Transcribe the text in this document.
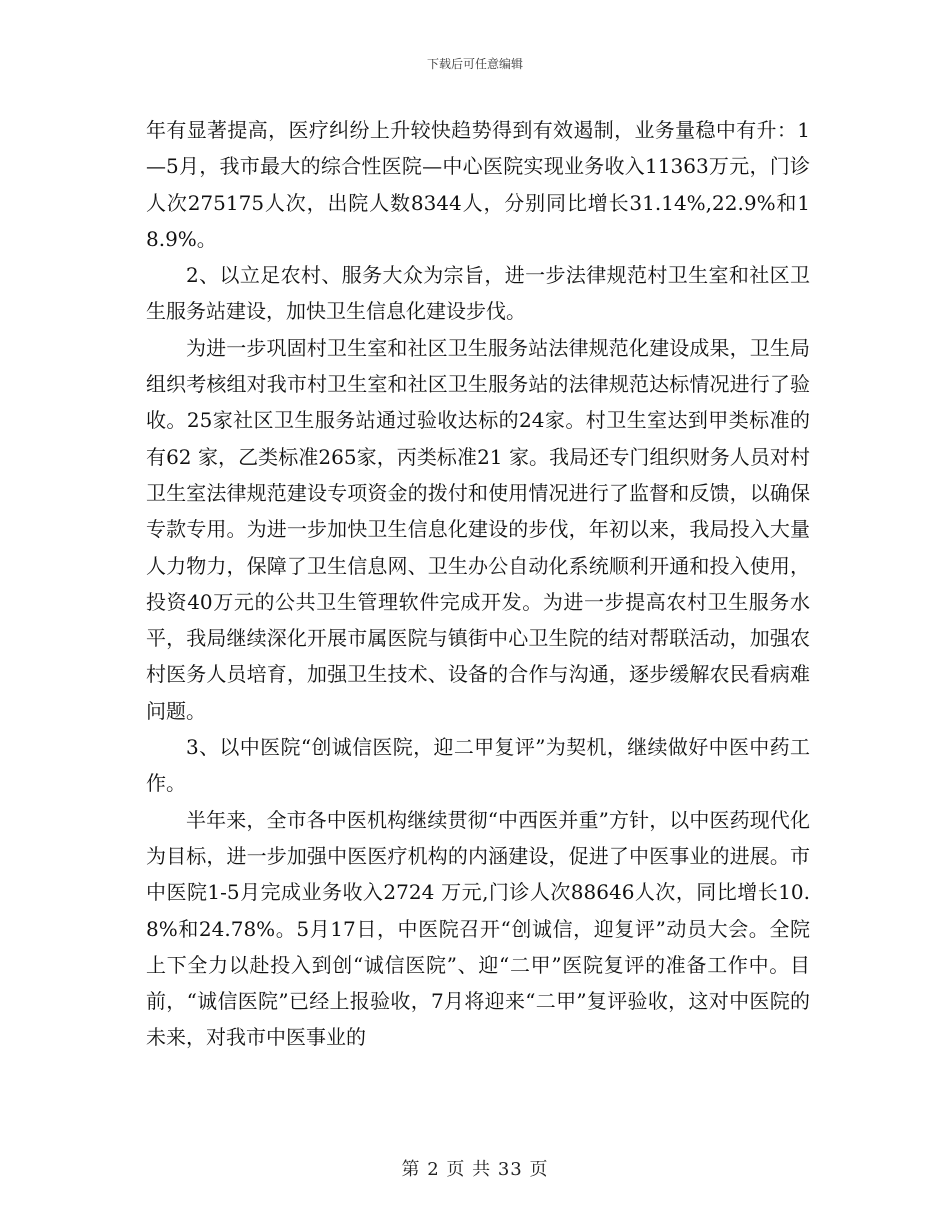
下载后可任意编辑

年有显著提高，医疗纠纷上升较快趋势得到有效遏制，业务量稳中有升：1—5月，我市最大的综合性医院—中心医院实现业务收入11363万元，门诊人次275175人次，出院人数8344人，分别同比增长31.14%,22.9%和18.9%。

2、以立足农村、服务大众为宗旨，进一步法律规范村卫生室和社区卫生服务站建设，加快卫生信息化建设步伐。

为进一步巩固村卫生室和社区卫生服务站法律规范化建设成果，卫生局组织考核组对我市村卫生室和社区卫生服务站的法律规范达标情况进行了验收。25家社区卫生服务站通过验收达标的24家。村卫生室达到甲类标准的有62 家，乙类标准265家，丙类标准21 家。我局还专门组织财务人员对村卫生室法律规范建设专项资金的拨付和使用情况进行了监督和反馈，以确保专款专用。为进一步加快卫生信息化建设的步伐，年初以来，我局投入大量人力物力，保障了卫生信息网、卫生办公自动化系统顺利开通和投入使用，投资40万元的公共卫生管理软件完成开发。为进一步提高农村卫生服务水平，我局继续深化开展市属医院与镇街中心卫生院的结对帮联活动，加强农村医务人员培育，加强卫生技术、设备的合作与沟通，逐步缓解农民看病难问题。

3、以中医院“创诚信医院，迎二甲复评”为契机，继续做好中医中药工作。

半年来，全市各中医机构继续贯彻“中西医并重”方针，以中医药现代化为目标，进一步加强中医医疗机构的内涵建设，促进了中医事业的进展。市中医院1-5月完成业务收入2724 万元,门诊人次88646人次，同比增长10.8%和24.78%。5月17日，中医院召开“创诚信，迎复评”动员大会。全院上下全力以赴投入到创“诚信医院”、迎“二甲”医院复评的准备工作中。目前，“诚信医院”已经上报验收，7月将迎来“二甲”复评验收，这对中医院的未来，对我市中医事业的

第 2 页 共 33 页
